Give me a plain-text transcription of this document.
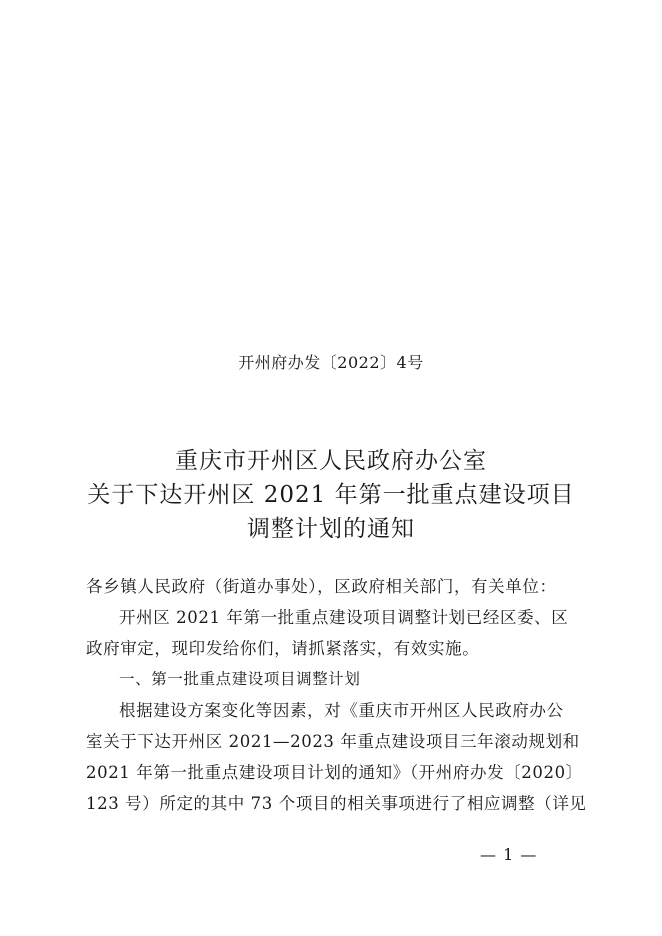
开州府办发〔2022〕4号
重庆市开州区人民政府办公室
关于下达开州区 2021 年第一批重点建设项目
调整计划的通知

各乡镇人民政府（街道办事处），区政府相关部门，有关单位：

开州区 2021 年第一批重点建设项目调整计划已经区委、区

政府审定，现印发给你们，请抓紧落实，有效实施。

一、第一批重点建设项目调整计划

根据建设方案变化等因素，对《重庆市开州区人民政府办公

室关于下达开州区 2021—2023 年重点建设项目三年滚动规划和

2021 年第一批重点建设项目计划的通知》（开州府办发〔2020〕

123 号）所定的其中 73 个项目的相关事项进行了相应调整（详见

— 1 —
